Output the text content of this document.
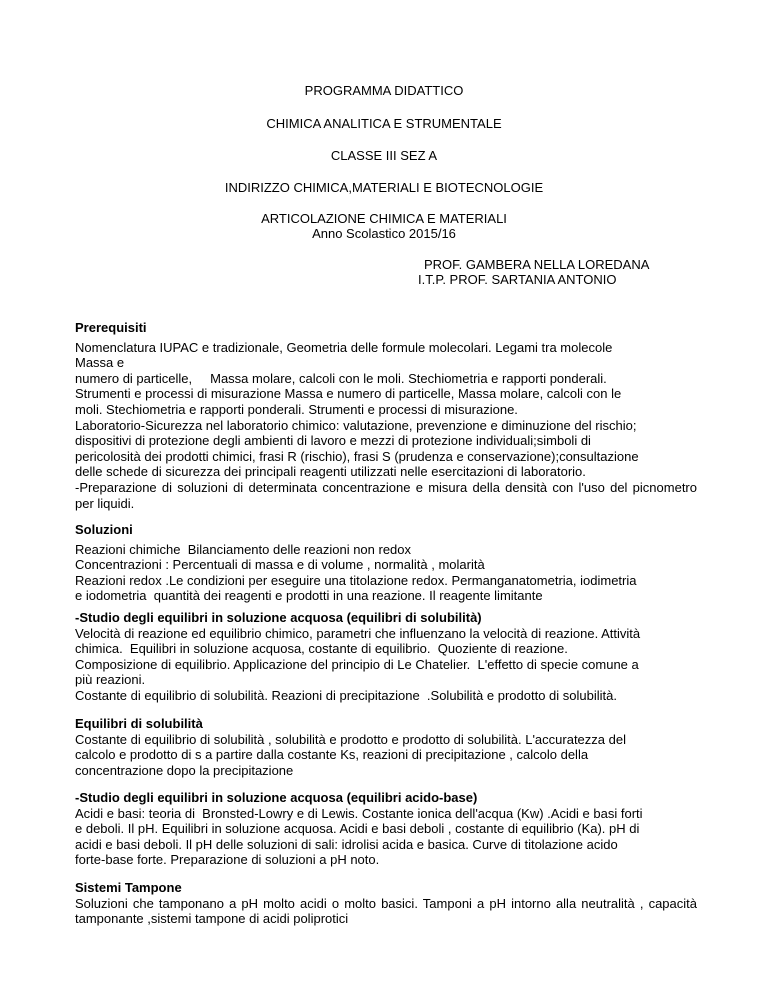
PROGRAMMA DIDATTICO
CHIMICA ANALITICA E STRUMENTALE
CLASSE III SEZ A
INDIRIZZO CHIMICA,MATERIALI E BIOTECNOLOGIE
ARTICOLAZIONE CHIMICA E MATERIALI
Anno Scolastico 2015/16
PROF. GAMBERA NELLA LOREDANA
I.T.P. PROF. SARTANIA ANTONIO
Prerequisiti
Nomenclatura IUPAC e tradizionale, Geometria delle formule molecolari. Legami tra molecole
Massa e
numero di particelle,     Massa molare, calcoli con le moli. Stechiometria e rapporti ponderali.
Strumenti e processi di misurazione Massa e numero di particelle, Massa molare, calcoli con le
moli. Stechiometria e rapporti ponderali. Strumenti e processi di misurazione.
Laboratorio-Sicurezza nel laboratorio chimico: valutazione, prevenzione e diminuzione del rischio;
dispositivi di protezione degli ambienti di lavoro e mezzi di protezione individuali;simboli di
pericolosità dei prodotti chimici, frasi R (rischio), frasi S (prudenza e conservazione);consultazione
delle schede di sicurezza dei principali reagenti utilizzati nelle esercitazioni di laboratorio.

-Preparazione di soluzioni di determinata concentrazione e misura della densità con l'uso del picnometro per liquidi.

Soluzioni
Reazioni chimiche  Bilanciamento delle reazioni non redox
Concentrazioni : Percentuali di massa e di volume , normalità , molarità
Reazioni redox .Le condizioni per eseguire una titolazione redox. Permanganatometria, iodimetria
e iodometria  quantità dei reagenti e prodotti in una reazione. Il reagente limitante
-Studio degli equilibri in soluzione acquosa (equilibri di solubilità)
Velocità di reazione ed equilibrio chimico, parametri che influenzano la velocità di reazione. Attività
chimica.  Equilibri in soluzione acquosa, costante di equilibrio.  Quoziente di reazione.
Composizione di equilibrio. Applicazione del principio di Le Chatelier.  L'effetto di specie comune a
più reazioni.
Costante di equilibrio di solubilità. Reazioni di precipitazione  .Solubilità e prodotto di solubilità.
Equilibri di solubilità
Costante di equilibrio di solubilità , solubilità e prodotto e prodotto di solubilità. L'accuratezza del
calcolo e prodotto di s a partire dalla costante Ks, reazioni di precipitazione , calcolo della
concentrazione dopo la precipitazione
-Studio degli equilibri in soluzione acquosa (equilibri acido-base)
Acidi e basi: teoria di  Bronsted-Lowry e di Lewis. Costante ionica dell'acqua (Kw) .Acidi e basi forti
e deboli. Il pH. Equilibri in soluzione acquosa. Acidi e basi deboli , costante di equilibrio (Ka). pH di
acidi e basi deboli. Il pH delle soluzioni di sali: idrolisi acida e basica. Curve di titolazione acido
forte-base forte. Preparazione di soluzioni a pH noto.
Sistemi Tampone

Soluzioni che tamponano a pH molto acidi o molto basici. Tamponi a pH intorno alla neutralità , capacità tamponante ,sistemi tampone di acidi poliprotici
